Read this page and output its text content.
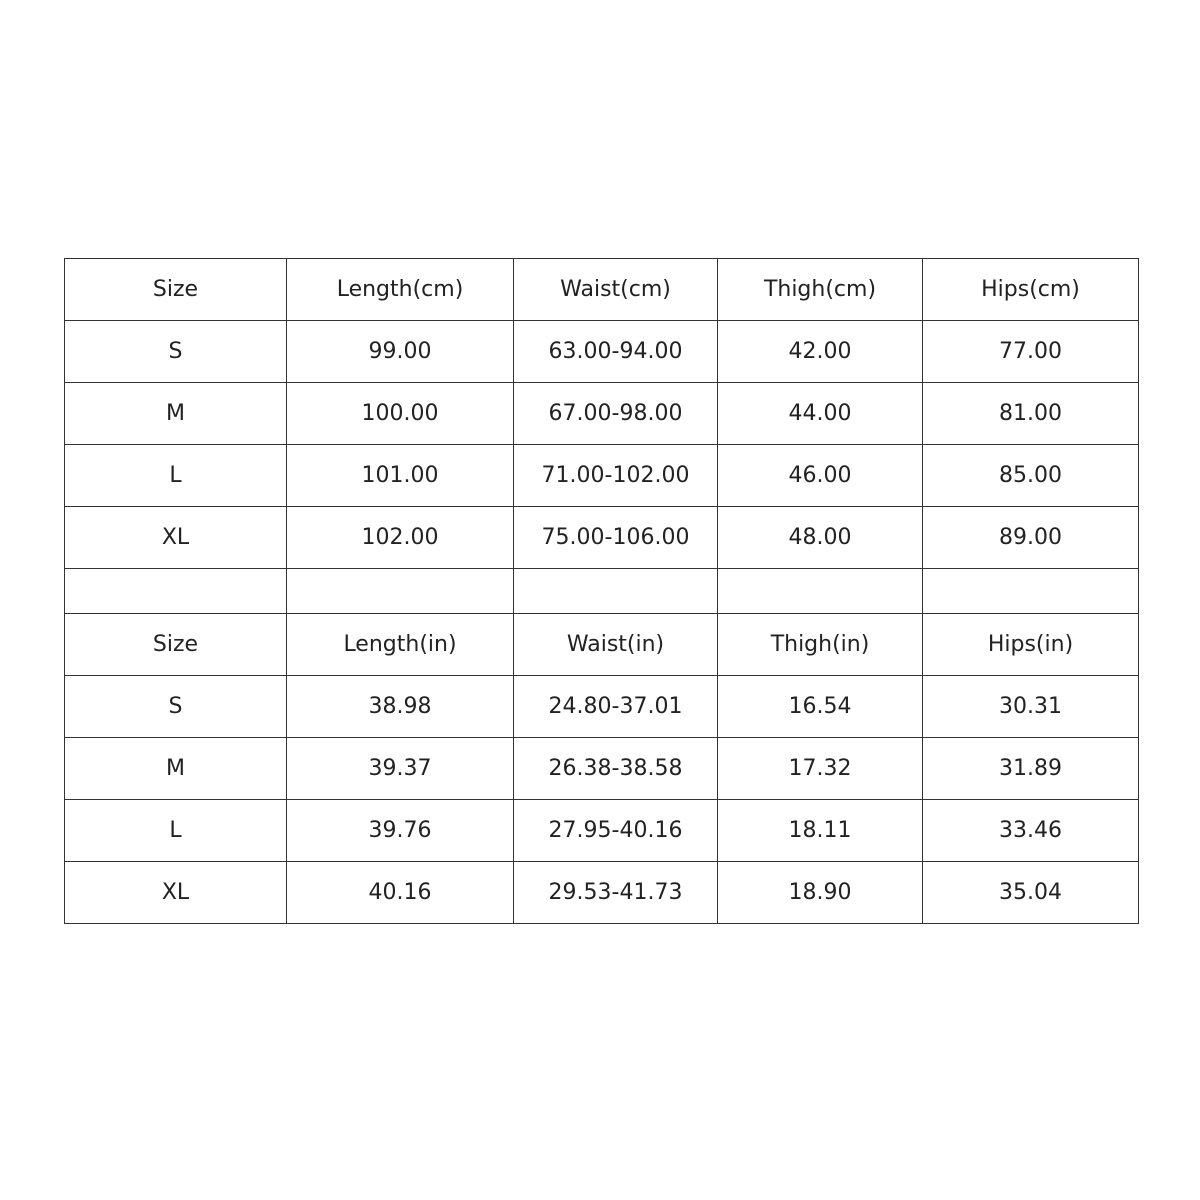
Size	Length(cm)	Waist(cm)	Thigh(cm)	Hips(cm)
S	99.00	63.00-94.00	42.00	77.00
M	100.00	67.00-98.00	44.00	81.00
L	101.00	71.00-102.00	46.00	85.00
XL	102.00	75.00-106.00	48.00	89.00

Size	Length(in)	Waist(in)	Thigh(in)	Hips(in)
S	38.98	24.80-37.01	16.54	30.31
M	39.37	26.38-38.58	17.32	31.89
L	39.76	27.95-40.16	18.11	33.46
XL	40.16	29.53-41.73	18.90	35.04
